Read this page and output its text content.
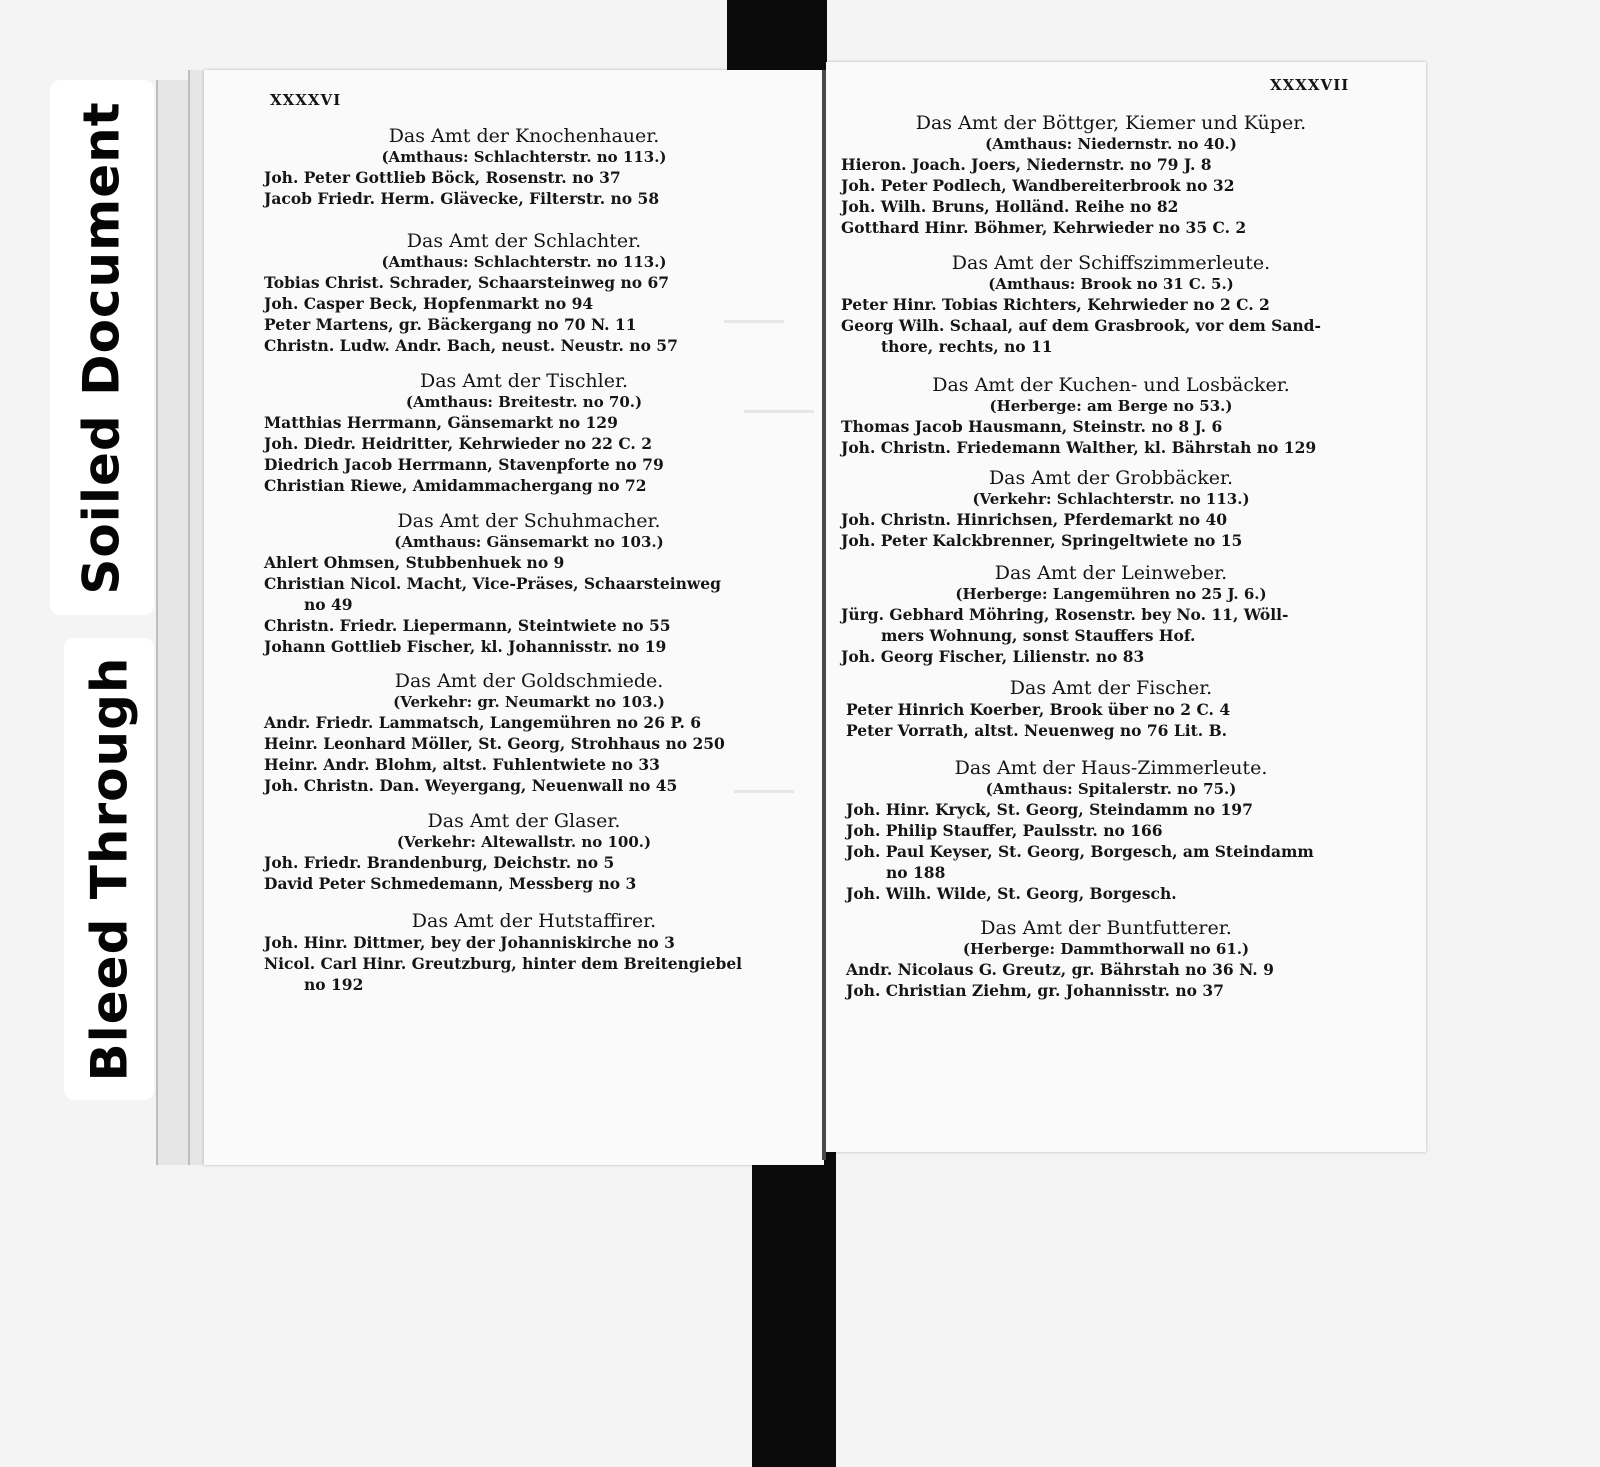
Soiled Document
Bleed Through
XXXXVI
Das Amt der Knochenhauer.
(Amthaus: Schlachterstr. no 113.)
Joh. Peter Gottlieb Böck, Rosenstr. no 37
Jacob Friedr. Herm. Glävecke, Filterstr. no 58
Das Amt der Schlachter.
(Amthaus: Schlachterstr. no 113.)
Tobias Christ. Schrader, Schaarsteinweg no 67
Joh. Casper Beck, Hopfenmarkt no 94
Peter Martens, gr. Bäckergang no 70 N. 11
Christn. Ludw. Andr. Bach, neust. Neustr. no 57
Das Amt der Tischler.
(Amthaus: Breitestr. no 70.)
Matthias Herrmann, Gänsemarkt no 129
Joh. Diedr. Heidritter, Kehrwieder no 22 C. 2
Diedrich Jacob Herrmann, Stavenpforte no 79
Christian Riewe, Amidammachergang no 72
Das Amt der Schuhmacher.
(Amthaus: Gänsemarkt no 103.)
Ahlert Ohmsen, Stubbenhuek no 9
Christian Nicol. Macht, Vice-Präses, Schaarsteinweg
no 49
Christn. Friedr. Liepermann, Steintwiete no 55
Johann Gottlieb Fischer, kl. Johannisstr. no 19
Das Amt der Goldschmiede.
(Verkehr: gr. Neumarkt no 103.)
Andr. Friedr. Lammatsch, Langemühren no 26 P. 6
Heinr. Leonhard Möller, St. Georg, Strohhaus no 250
Heinr. Andr. Blohm, altst. Fuhlentwiete no 33
Joh. Christn. Dan. Weyergang, Neuenwall no 45
Das Amt der Glaser.
(Verkehr: Altewallstr. no 100.)
Joh. Friedr. Brandenburg, Deichstr. no 5
David Peter Schmedemann, Messberg no 3
Das Amt der Hutstaffirer.
Joh. Hinr. Dittmer, bey der Johanniskirche no 3
Nicol. Carl Hinr. Greutzburg, hinter dem Breitengiebel
no 192
XXXXVII
Das Amt der Böttger, Kiemer und Küper.
(Amthaus: Niedernstr. no 40.)
Hieron. Joach. Joers, Niedernstr. no 79 J. 8
Joh. Peter Podlech, Wandbereiterbrook no 32
Joh. Wilh. Bruns, Holländ. Reihe no 82
Gotthard Hinr. Böhmer, Kehrwieder no 35 C. 2
Das Amt der Schiffszimmerleute.
(Amthaus: Brook no 31 C. 5.)
Peter Hinr. Tobias Richters, Kehrwieder no 2 C. 2
Georg Wilh. Schaal, auf dem Grasbrook, vor dem Sand-
thore, rechts, no 11
Das Amt der Kuchen- und Losbäcker.
(Herberge: am Berge no 53.)
Thomas Jacob Hausmann, Steinstr. no 8 J. 6
Joh. Christn. Friedemann Walther, kl. Bährstah no 129
Das Amt der Grobbäcker.
(Verkehr: Schlachterstr. no 113.)
Joh. Christn. Hinrichsen, Pferdemarkt no 40
Joh. Peter Kalckbrenner, Springeltwiete no 15
Das Amt der Leinweber.
(Herberge: Langemühren no 25 J. 6.)
Jürg. Gebhard Möhring, Rosenstr. bey No. 11, Wöll-
mers Wohnung, sonst Stauffers Hof.
Joh. Georg Fischer, Lilienstr. no 83
Das Amt der Fischer.
Peter Hinrich Koerber, Brook über no 2 C. 4
Peter Vorrath, altst. Neuenweg no 76 Lit. B.
Das Amt der Haus-Zimmerleute.
(Amthaus: Spitalerstr. no 75.)
Joh. Hinr. Kryck, St. Georg, Steindamm no 197
Joh. Philip Stauffer, Paulsstr. no 166
Joh. Paul Keyser, St. Georg, Borgesch, am Steindamm
no 188
Joh. Wilh. Wilde, St. Georg, Borgesch.
Das Amt der Buntfutterer.
(Herberge: Dammthorwall no 61.)
Andr. Nicolaus G. Greutz, gr. Bährstah no 36 N. 9
Joh. Christian Ziehm, gr. Johannisstr. no 37
